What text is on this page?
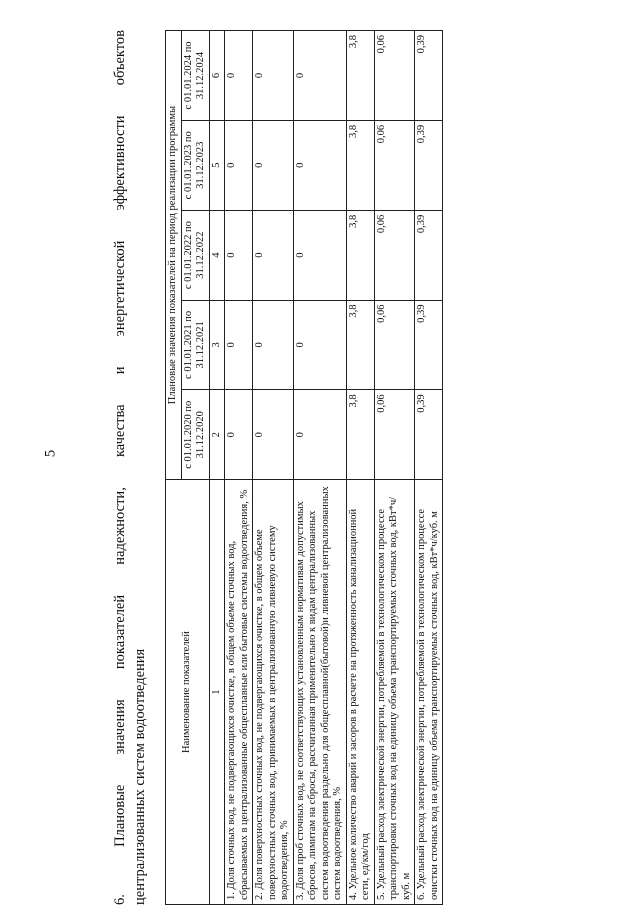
5
6. Плановые значения показателей надежности, качества и энергетической эффективности объектов централизованных систем водоотведения	Наименование показателей	Плановые значения показателей на период реализации программы				
	с 01.01.2020 по 31.12.2020	с 01.01.2021 по 31.12.2021	с 01.01.2022 по 31.12.2022	с 01.01.2023 по 31.12.2023	с 01.01.2024 по 31.12.2024
1	2	3	4	5	6
1. Доля сточных вод, не подвергающихся очистке, в общем объеме сточных вод, сбрасываемых в централизованные общесплавные или бытовые системы водоотведения, %	0	0	0	0	0
2. Доля поверхностных сточных вод, не подвергающихся очистке, в общем объеме поверхностных сточных вод, принимаемых в централизованную ливневую систему водоотведения, %	0	0	0	0	0
3. Доля проб сточных вод, не соответствующих установленным нормативам допустимых сбросов, лимитам на сбросы, рассчитанная применительно к видам централизованных систем водоотведения раздельно для общесплавной(бытовой)и ливневой централизованных систем водоотведения, %	0	0	0	0	0
4. Удельное количество аварий и засоров в расчете на протяженность канализационной сети, ед/км/год	3,8	3,8	3,8	3,8	3,8
5. Удельный расход электрической энергии, потребляемой в технологическом процессе транспортировки сточных вод на единицу объема транспортируемых сточных вод, кВт*ч/куб. м	0,06	0,06	0,06	0,06	0,06
6. Удельный расход электрической энергии, потребляемой в технологическом процессе очистки сточных вод на единицу объема транспортируемых сточных вод, кВт*ч/куб. м	0,39	0,39	0,39	0,39	0,39
